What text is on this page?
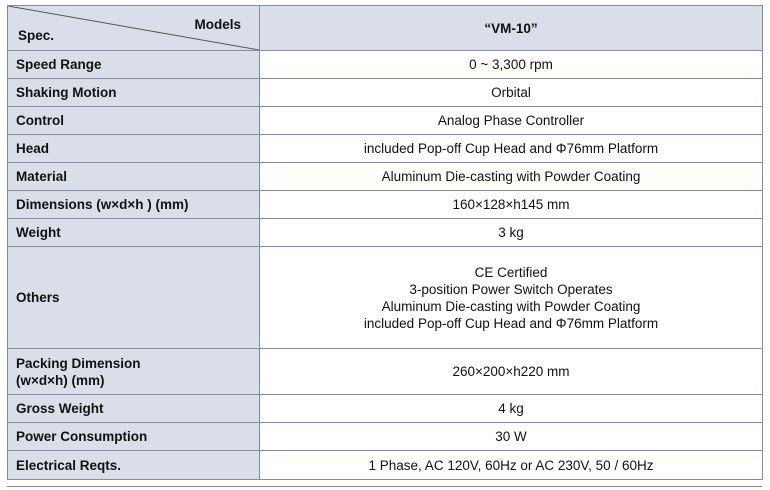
Models
Spec.	“VM-10”
Speed Range	0 ~ 3,300 rpm
Shaking Motion	Orbital
Control	Analog Phase Controller
Head	included Pop-off Cup Head and Φ76mm Platform
Material	Aluminum Die-casting with Powder Coating
Dimensions (w×d×h ) (mm)	160×128×h145 mm
Weight	3 kg
Others	CE Certified
3-position Power Switch Operates
Aluminum Die-casting with Powder Coating
included Pop-off Cup Head and Φ76mm Platform

Packing Dimension
(w×d×h) (mm)	260×200×h220 mm
Gross Weight	4 kg
Power Consumption	30 W
Electrical Reqts.	1 Phase, AC 120V, 60Hz or AC 230V, 50 / 60Hz
